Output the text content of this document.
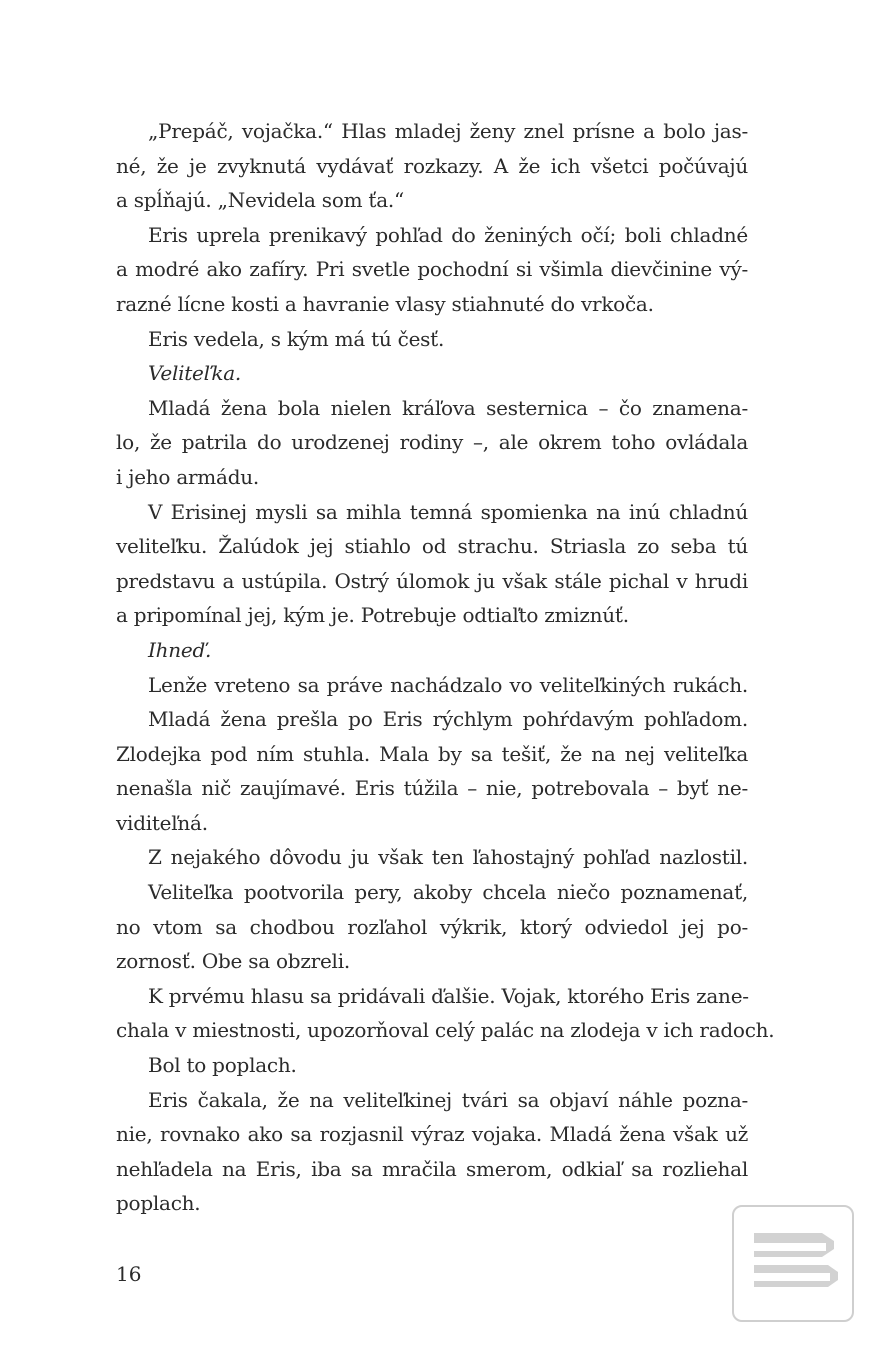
„Prepáč, vojačka.“ Hlas mladej ženy znel prísne a bolo jas-
né, že je zvyknutá vydávať rozkazy. A že ich všetci počúvajú
a spĺňajú. „Nevidela som ťa.“
Eris uprela prenikavý pohľad do ženiných očí; boli chladné
a modré ako zafíry. Pri svetle pochodní si všimla dievčinine vý-
razné lícne kosti a havranie vlasy stiahnuté do vrkoča.
Eris vedela, s kým má tú česť.
Veliteľka.
Mladá žena bola nielen kráľova sesternica – čo znamena-
lo, že patrila do urodzenej rodiny –, ale okrem toho ovládala
i jeho armádu.
V Erisinej mysli sa mihla temná spomienka na inú chladnú
veliteľku. Žalúdok jej stiahlo od strachu. Striasla zo seba tú
predstavu a ustúpila. Ostrý úlomok ju však stále pichal v hrudi
a pripomínal jej, kým je. Potrebuje odtiaľto zmiznúť.
Ihneď.
Lenže vreteno sa práve nachádzalo vo veliteľkiných rukách.
Mladá žena prešla po Eris rýchlym pohŕdavým pohľadom.
Zlodejka pod ním stuhla. Mala by sa tešiť, že na nej veliteľka
nenašla nič zaujímavé. Eris túžila – nie, potrebovala – byť ne-
viditeľná.
Z nejakého dôvodu ju však ten ľahostajný pohľad nazlostil.
Veliteľka pootvorila pery, akoby chcela niečo poznamenať,
no vtom sa chodbou rozľahol výkrik, ktorý odviedol jej po-
zornosť. Obe sa obzreli.
K prvému hlasu sa pridávali ďalšie. Vojak, ktorého Eris zane-
chala v miestnosti, upozorňoval celý palác na zlodeja v ich radoch.
Bol to poplach.
Eris čakala, že na veliteľkinej tvári sa objaví náhle pozna-
nie, rovnako ako sa rozjasnil výraz vojaka. Mladá žena však už
nehľadela na Eris, iba sa mračila smerom, odkiaľ sa rozliehal
poplach.
16
